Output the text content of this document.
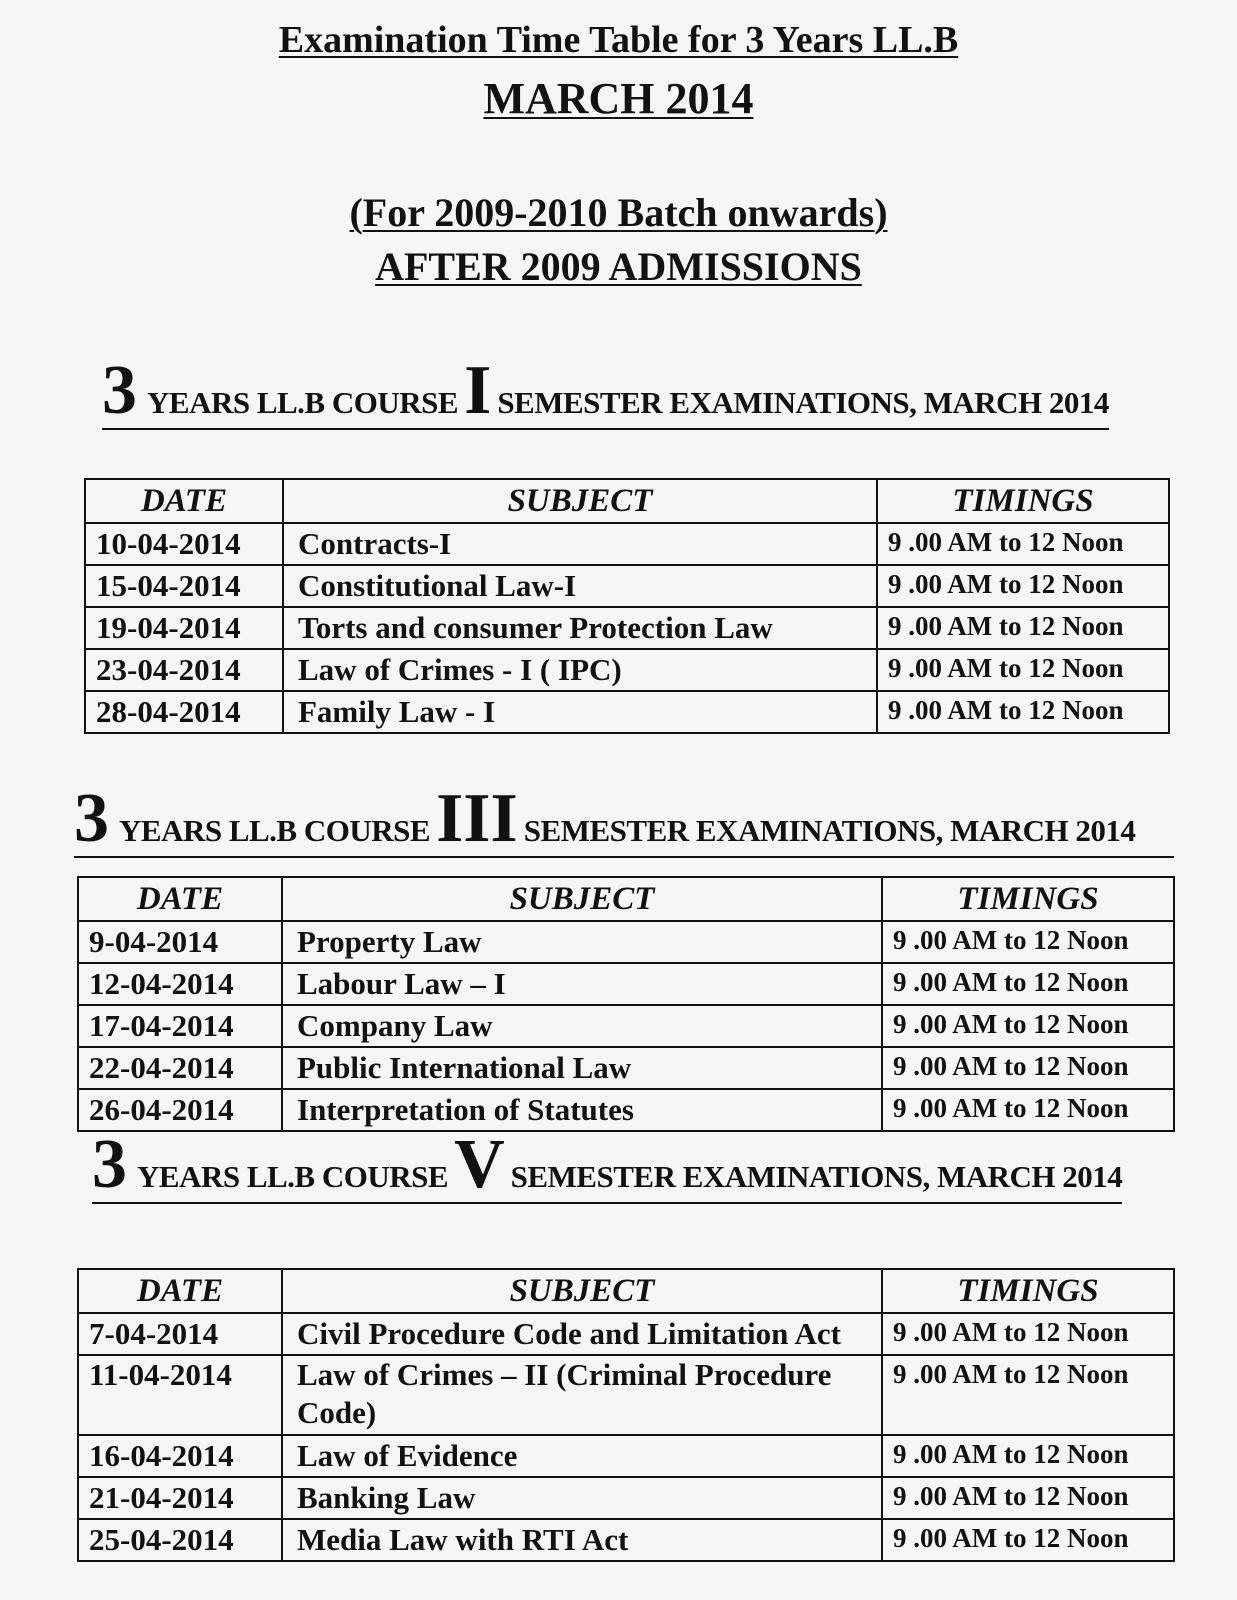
Examination Time Table for 3 Years LL.B
MARCH 2014
(For 2009-2010 Batch onwards)
AFTER 2009 ADMISSIONS
3 YEARS LL.B COURSE I SEMESTER EXAMINATIONS, MARCH 2014
DATE	SUBJECT	TIMINGS
10-04-2014	Contracts-I	9 .00 AM to 12 Noon
15-04-2014	Constitutional Law-I	9 .00 AM to 12 Noon
19-04-2014	Torts and consumer Protection Law	9 .00 AM to 12 Noon
23-04-2014	Law of Crimes - I ( IPC)	9 .00 AM to 12 Noon
28-04-2014	Family Law - I	9 .00 AM to 12 Noon
3 YEARS LL.B COURSE III SEMESTER EXAMINATIONS, MARCH 2014
DATE	SUBJECT	TIMINGS
9-04-2014	Property Law	9 .00 AM to 12 Noon
12-04-2014	Labour Law – I	9 .00 AM to 12 Noon
17-04-2014	Company Law	9 .00 AM to 12 Noon
22-04-2014	Public International Law	9 .00 AM to 12 Noon
26-04-2014	Interpretation of Statutes	9 .00 AM to 12 Noon
3 YEARS LL.B COURSE V SEMESTER EXAMINATIONS, MARCH 2014
DATE	SUBJECT	TIMINGS
7-04-2014	Civil Procedure Code and Limitation Act	9 .00 AM to 12 Noon
11-04-2014	Law of Crimes – II (Criminal Procedure Code)	9 .00 AM to 12 Noon
16-04-2014	Law of Evidence	9 .00 AM to 12 Noon
21-04-2014	Banking Law	9 .00 AM to 12 Noon
25-04-2014	Media Law with RTI Act	9 .00 AM to 12 Noon
